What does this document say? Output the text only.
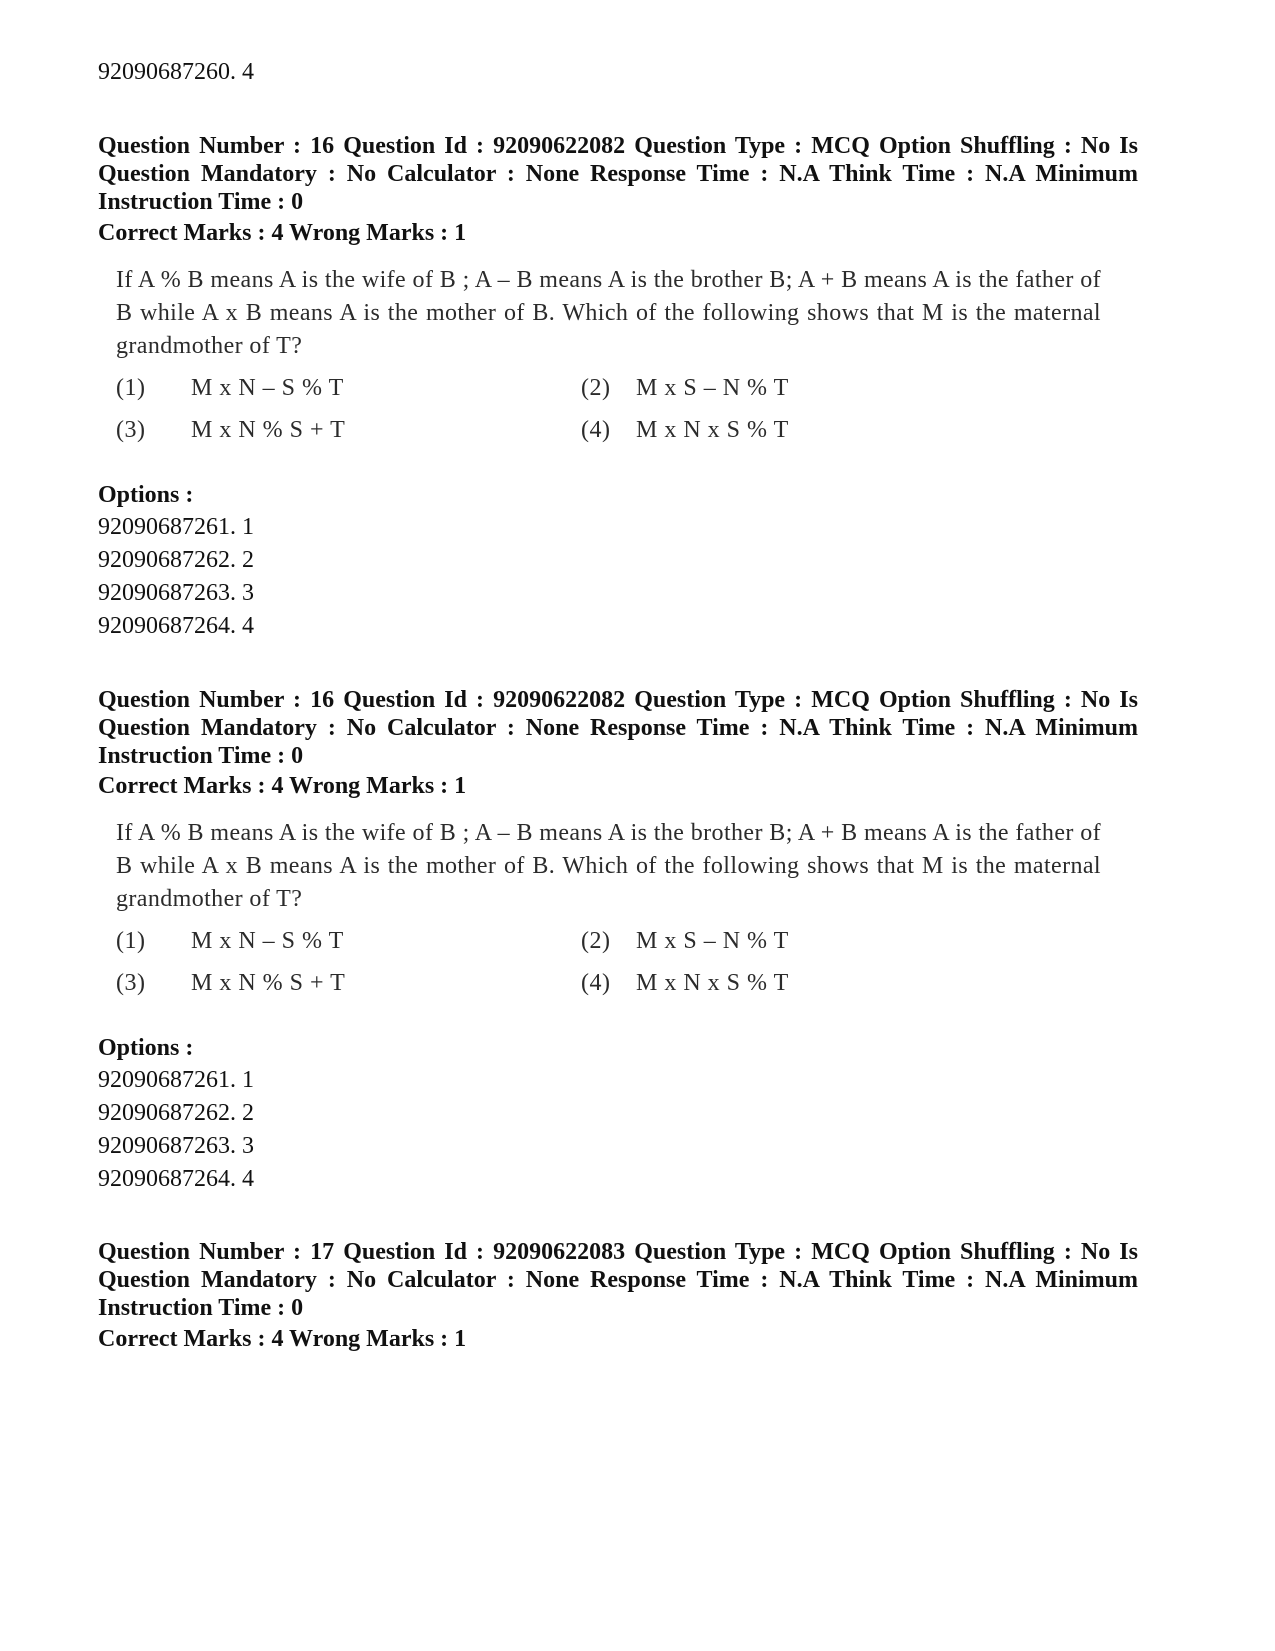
92090687260. 4
Question Number : 16 Question Id : 92090622082 Question Type : MCQ Option Shuffling : No Is Question Mandatory : No Calculator : None Response Time : N.A Think Time : N.A Minimum Instruction Time : 0
Correct Marks : 4 Wrong Marks : 1
If A % B means A is the wife of B ; A – B means A is the brother B; A + B means A is the father of B while A x B means A is the mother of B. Which of the following shows that M is the maternal grandmother of T?
(1) M x N – S % T	(2) M x S – N % T
(3) M x N % S + T	(4) M x N x S % T
Options :
92090687261. 1
92090687262. 2
92090687263. 3
92090687264. 4
Question Number : 16 Question Id : 92090622082 Question Type : MCQ Option Shuffling : No Is Question Mandatory : No Calculator : None Response Time : N.A Think Time : N.A Minimum Instruction Time : 0
Correct Marks : 4 Wrong Marks : 1
If A % B means A is the wife of B ; A – B means A is the brother B; A + B means A is the father of B while A x B means A is the mother of B. Which of the following shows that M is the maternal grandmother of T?
(1) M x N – S % T	(2) M x S – N % T
(3) M x N % S + T	(4) M x N x S % T
Options :
92090687261. 1
92090687262. 2
92090687263. 3
92090687264. 4
Question Number : 17 Question Id : 92090622083 Question Type : MCQ Option Shuffling : No Is Question Mandatory : No Calculator : None Response Time : N.A Think Time : N.A Minimum Instruction Time : 0
Correct Marks : 4 Wrong Marks : 1
